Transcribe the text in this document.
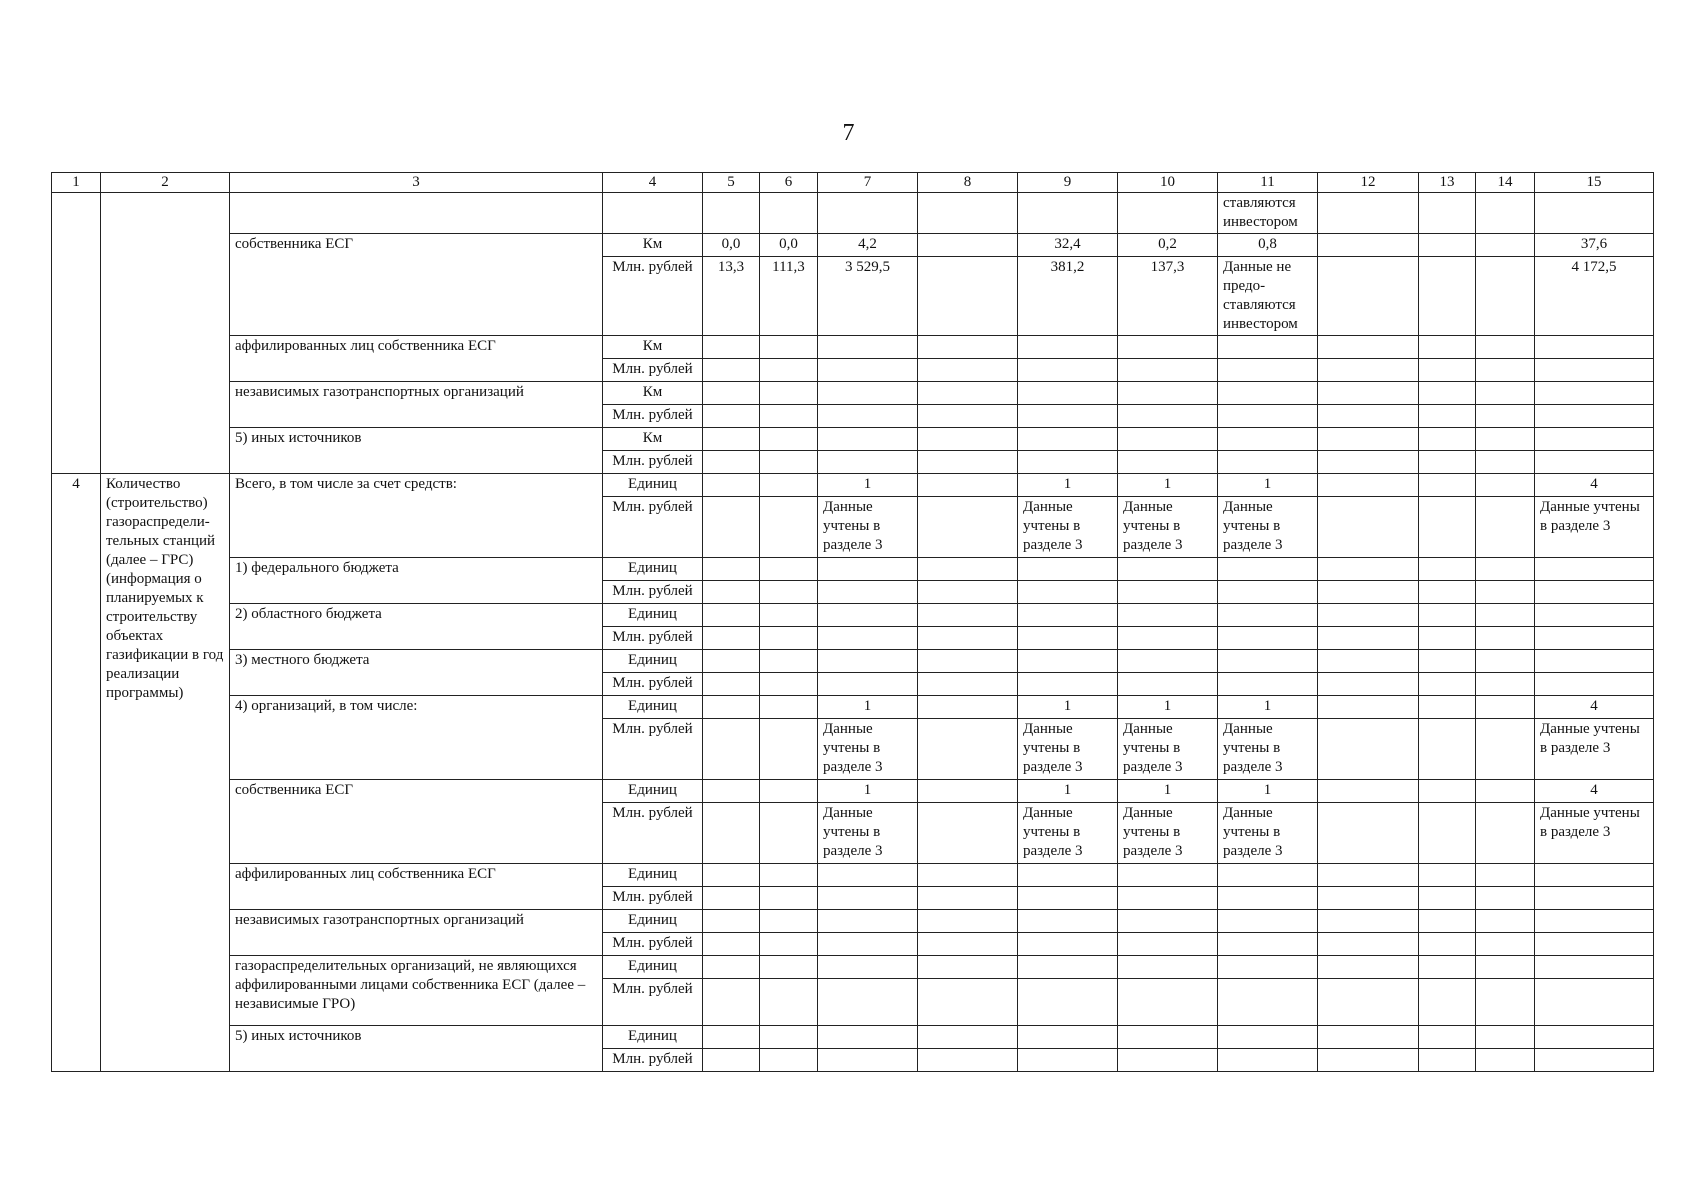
7
1	2	3	4	5	6	7	8	9	10	11	12	13	14	15
										ставляются инвестором				
		собственника ЕСГ	Км	0,0	0,0	4,2		32,4	0,2	0,8				37,6
			Млн. рублей	13,3	111,3	3 529,5		381,2	137,3	Данные не предо-ставляются инвестором				4 172,5
		аффилированных лиц собственника ЕСГ	Км											
			Млн. рублей											
		независимых газотранспортных организаций	Км											
			Млн. рублей											
		5) иных источников	Км											
			Млн. рублей											
4	Количество (строительство) газораспредели-тельных станций (далее – ГРС) (информация о планируемых к строительству объектах газификации в год реализации программы)	Всего, в том числе за счет средств:	Единиц			1		1	1	1				4
			Млн. рублей			Данные учтены в разделе 3		Данные учтены в разделе 3	Данные учтены в разделе 3	Данные учтены в разделе 3				Данные учтены в разделе 3
		1) федерального бюджета	Единиц											
			Млн. рублей											
		2) областного бюджета	Единиц											
			Млн. рублей											
		3) местного бюджета	Единиц											
			Млн. рублей											
		4) организаций, в том числе:	Единиц			1		1	1	1				4
			Млн. рублей			Данные учтены в разделе 3		Данные учтены в разделе 3	Данные учтены в разделе 3	Данные учтены в разделе 3				Данные учтены в разделе 3
		собственника ЕСГ	Единиц			1		1	1	1				4
			Млн. рублей			Данные учтены в разделе 3		Данные учтены в разделе 3	Данные учтены в разделе 3	Данные учтены в разделе 3				Данные учтены в разделе 3
		аффилированных лиц собственника ЕСГ	Единиц											
			Млн. рублей											
		независимых газотранспортных организаций	Единиц											
			Млн. рублей											
		газораспределительных организаций, не являющихся аффилированными лицами собственника ЕСГ (далее – независимые ГРО)	Единиц											
			Млн. рублей											
		5) иных источников	Единиц											
			Млн. рублей											
